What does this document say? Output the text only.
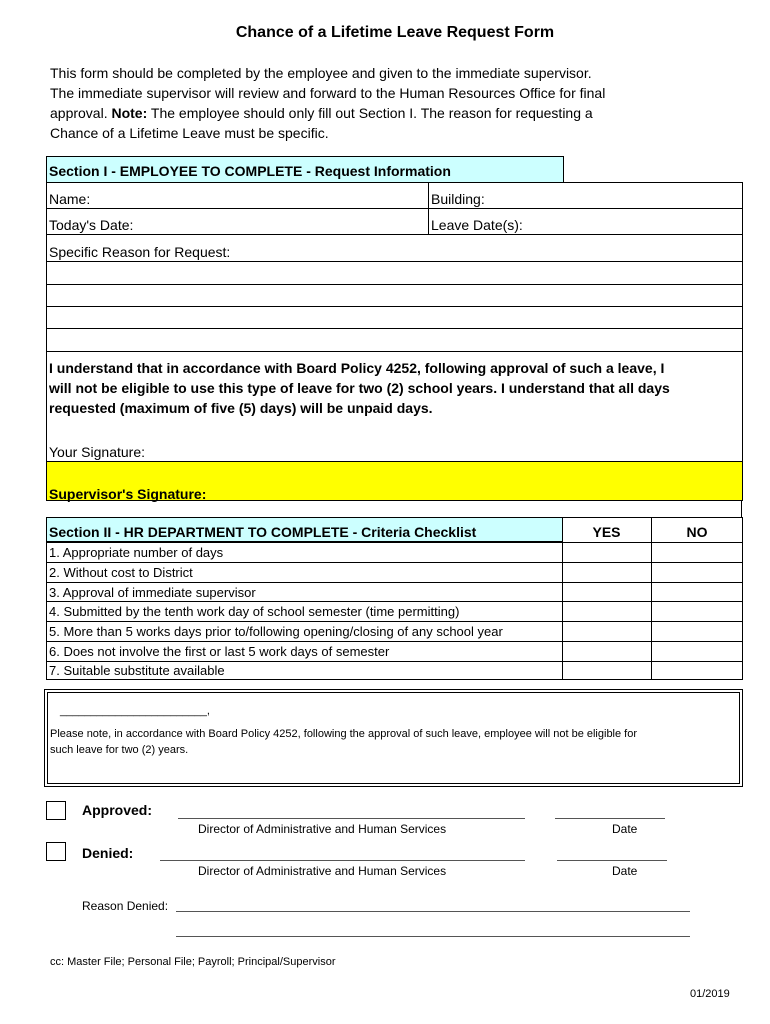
Chance of a Lifetime Leave Request Form
This form should be completed by the employee and given to the immediate supervisor.
The immediate supervisor will review and forward to the Human Resources Office for final
approval. Note: The employee should only fill out Section I. The reason for requesting a
Chance of a Lifetime Leave must be specific.
Section I - EMPLOYEE TO COMPLETE - Request Information
Name:	Building:
Today's Date:	Leave Date(s):
Specific Reason for Request:
I understand that in accordance with Board Policy 4252, following approval of such a leave, I
will not be eligible to use this type of leave for two (2) school years. I understand that all days
requested (maximum of five (5) days) will be unpaid days.
Your Signature:
Supervisor's Signature:
Section II - HR DEPARTMENT TO COMPLETE - Criteria Checklist	YES	NO
1. Appropriate number of days
2. Without cost to District
3. Approval of immediate supervisor
4. Submitted by the tenth work day of school semester (time permitting)
5. More than 5 works days prior to/following opening/closing of any school year
6. Does not involve the first or last 5 work days of semester
7. Suitable substitute available
________________________,
Please note, in accordance with Board Policy 4252, following the approval of such leave, employee will not be eligible for
such leave for two (2) years.
Approved:
Director of Administrative and Human Services	Date
Denied:
Director of Administrative and Human Services	Date
Reason Denied:
cc: Master File; Personal File; Payroll; Principal/Supervisor
01/2019
